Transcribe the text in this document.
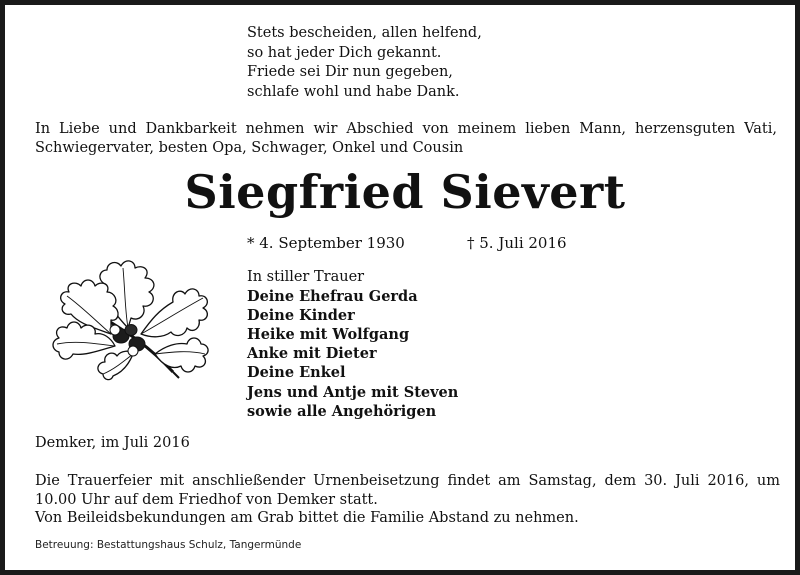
Stets bescheiden, allen helfend,
so hat jeder Dich gekannt.
Friede sei Dir nun gegeben,
schlafe wohl und habe Dank.
In Liebe und Dankbarkeit nehmen wir Abschied von meinem lieben Mann, herzensguten Vati, Schwiegervater, besten Opa, Schwager, Onkel und Cousin
Siegfried Sievert
* 4. September 1930	† 5. Juli 2016
In stiller Trauer
Deine Ehefrau Gerda
Deine Kinder
Heike mit Wolfgang
Anke mit Dieter
Deine Enkel
Jens und Antje mit Steven
sowie alle Angehörigen
Demker, im Juli 2016

Die Trauerfeier mit anschließender Urnenbeisetzung findet am Samstag, dem 30. Juli 2016, um 10.00 Uhr auf dem Friedhof von Demker statt.

Von Beileidsbekundungen am Grab bittet die Familie Abstand zu nehmen.

Betreuung: Bestattungshaus Schulz, Tangermünde
